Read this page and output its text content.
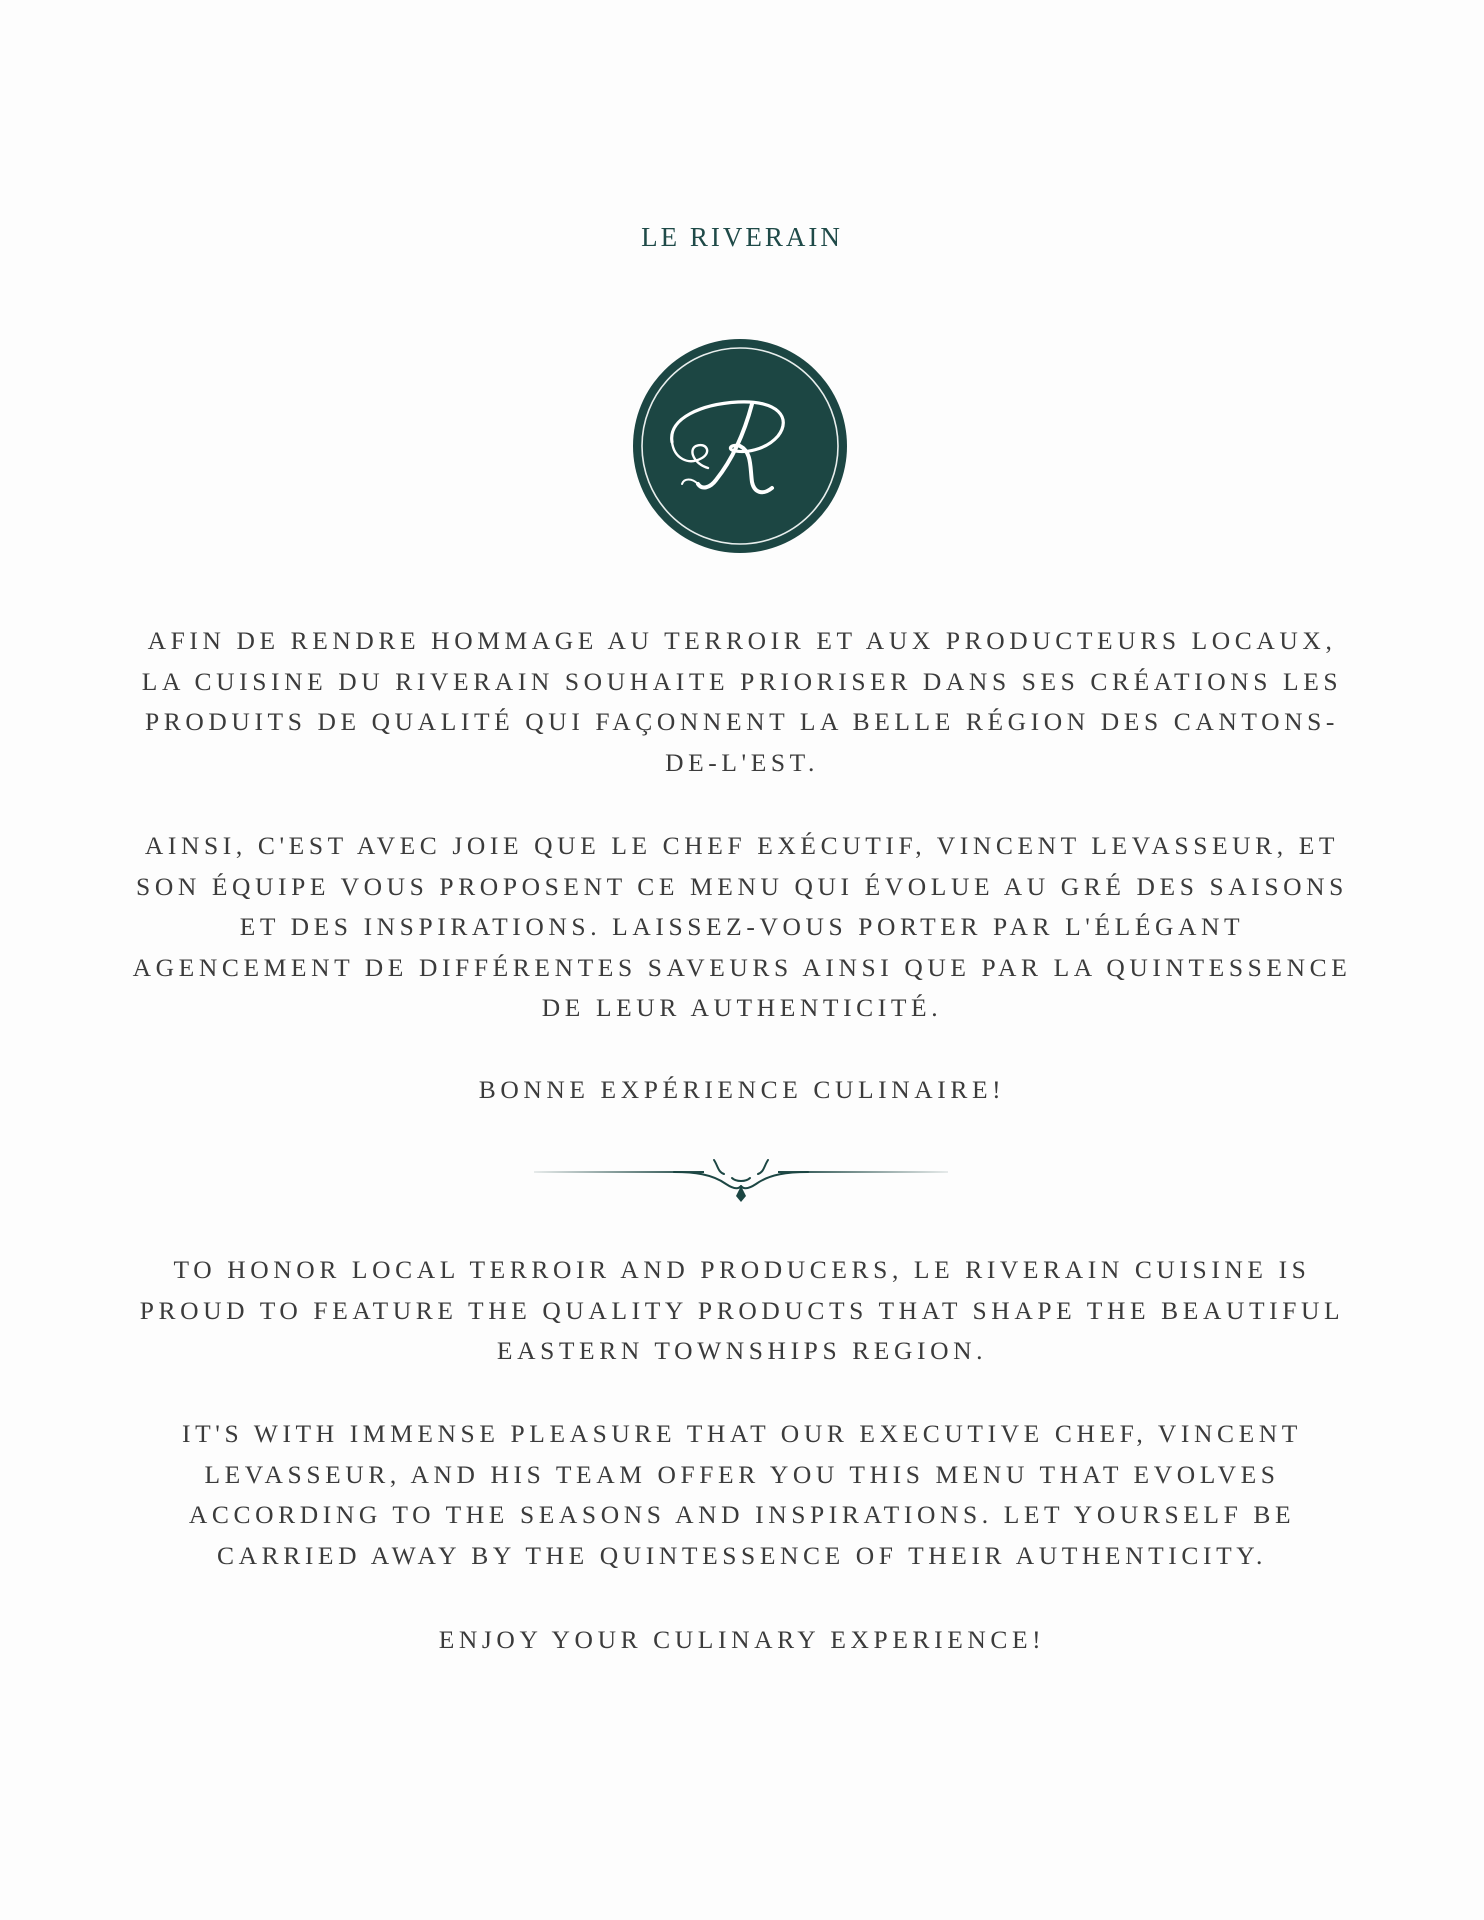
LE RIVERAIN

AFIN DE RENDRE HOMMAGE AU TERROIR ET AUX PRODUCTEURS LOCAUX, LA CUISINE DU RIVERAIN SOUHAITE PRIORISER DANS SES CRÉATIONS LES PRODUITS DE QUALITÉ QUI FAÇONNENT LA BELLE RÉGION DES CANTONS-DE-L'EST.

AINSI, C'EST AVEC JOIE QUE LE CHEF EXÉCUTIF, VINCENT LEVASSEUR, ET SON ÉQUIPE VOUS PROPOSENT CE MENU QUI ÉVOLUE AU GRÉ DES SAISONS ET DES INSPIRATIONS. LAISSEZ-VOUS PORTER PAR L'ÉLÉGANT AGENCEMENT DE DIFFÉRENTES SAVEURS AINSI QUE PAR LA QUINTESSENCE DE LEUR AUTHENTICITÉ.

BONNE EXPÉRIENCE CULINAIRE!

TO HONOR LOCAL TERROIR AND PRODUCERS, LE RIVERAIN CUISINE IS PROUD TO FEATURE THE QUALITY PRODUCTS THAT SHAPE THE BEAUTIFUL EASTERN TOWNSHIPS REGION.

IT'S WITH IMMENSE PLEASURE THAT OUR EXECUTIVE CHEF, VINCENT LEVASSEUR, AND HIS TEAM OFFER YOU THIS MENU THAT EVOLVES ACCORDING TO THE SEASONS AND INSPIRATIONS. LET YOURSELF BE CARRIED AWAY BY THE QUINTESSENCE OF THEIR AUTHENTICITY.

ENJOY YOUR CULINARY EXPERIENCE!
